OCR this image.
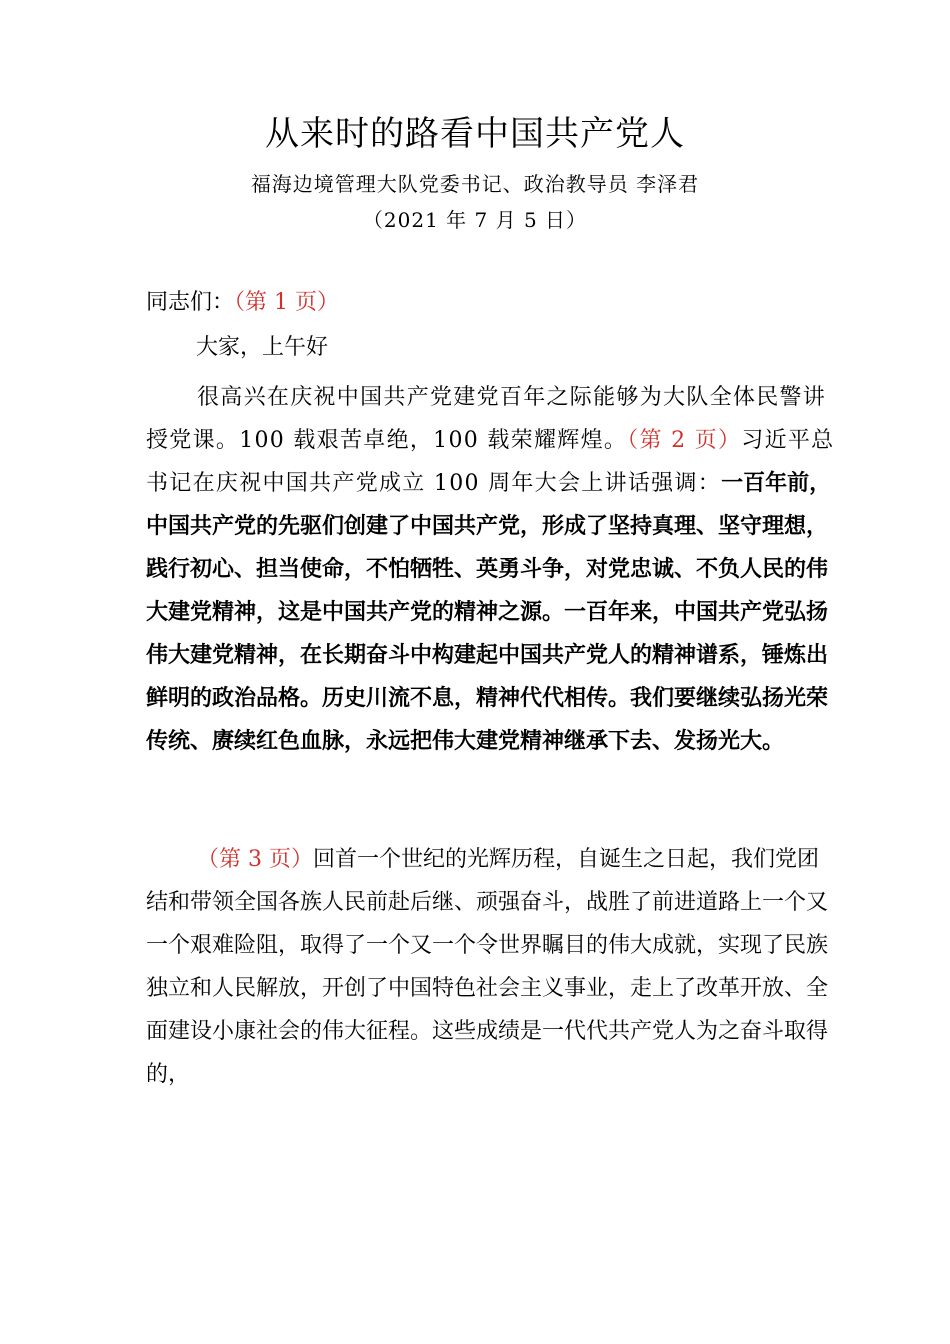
从来时的路看中国共产党人
福海边境管理大队党委书记、政治教导员 李泽君
（2021 年 7 月 5 日）
同志们：（第 1 页）
大家，上午好
很高兴在庆祝中国共产党建党百年之际能够为大队全体民警讲授党课。100 载艰苦卓绝，100 载荣耀辉煌。（第 2 页）习近平总书记在庆祝中国共产党成立 100 周年大会上讲话强调：一百年前，中国共产党的先驱们创建了中国共产党，形成了坚持真理、坚守理想，践行初心、担当使命，不怕牺牲、英勇斗争，对党忠诚、不负人民的伟大建党精神，这是中国共产党的精神之源。一百年来，中国共产党弘扬伟大建党精神，在长期奋斗中构建起中国共产党人的精神谱系，锤炼出鲜明的政治品格。历史川流不息，精神代代相传。我们要继续弘扬光荣传统、赓续红色血脉，永远把伟大建党精神继承下去、发扬光大。
（第 3 页）回首一个世纪的光辉历程，自诞生之日起，我们党团结和带领全国各族人民前赴后继、顽强奋斗，战胜了前进道路上一个又一个艰难险阻，取得了一个又一个令世界瞩目的伟大成就，实现了民族独立和人民解放，开创了中国特色社会主义事业，走上了改革开放、全面建设小康社会的伟大征程。这些成绩是一代代共产党人为之奋斗取得的，
